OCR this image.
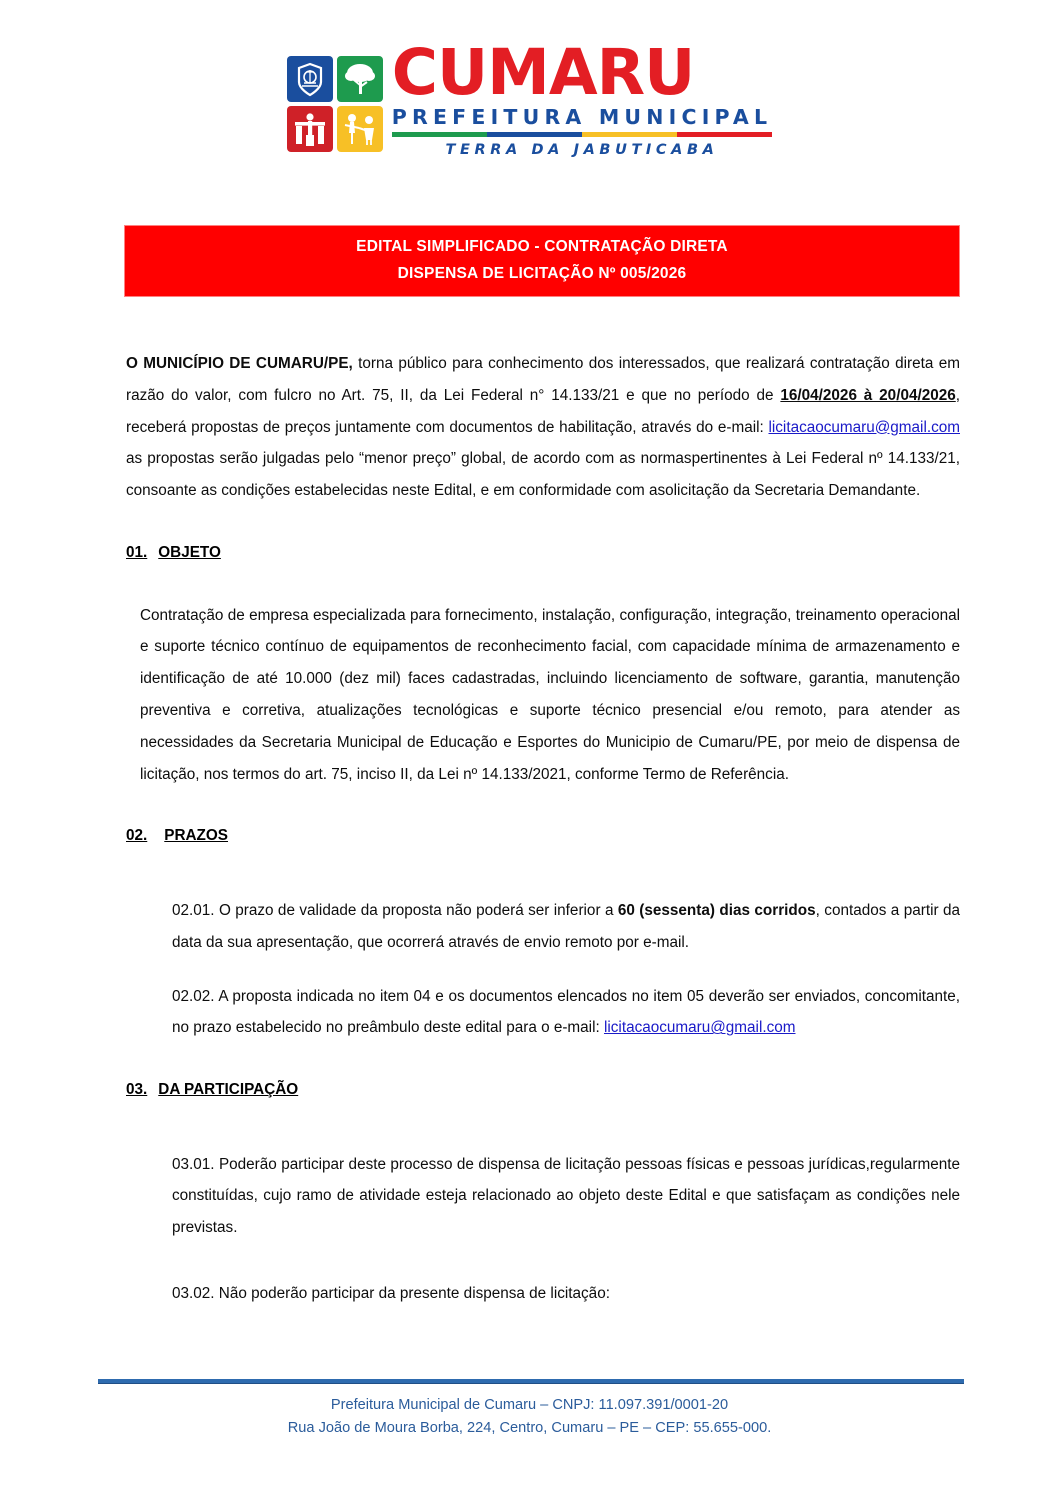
CUMARU
PREFEITURA MUNICIPAL
TERRA DA JABUTICABA
EDITAL SIMPLIFICADO - CONTRATAÇÃO DIRETA
DISPENSA DE LICITAÇÃO Nº 005/2026

O MUNICÍPIO DE CUMARU/PE, torna público para conhecimento dos interessados, que realizará contratação direta em razão do valor, com fulcro no Art. 75, II, da Lei Federal n° 14.133/21 e que no período de 16/04/2026 à 20/04/2026, receberá propostas de preços juntamente com documentos de habilitação, através do e-mail: licitacaocumaru@gmail.com as propostas serão julgadas pelo “menor preço” global, de acordo com as normaspertinentes à Lei Federal nº 14.133/21, consoante as condições estabelecidas neste Edital, e em conformidade com asolicitação da Secretaria Demandante.

01. OBJETO

Contratação de empresa especializada para fornecimento, instalação, configuração, integração, treinamento operacional e suporte técnico contínuo de equipamentos de reconhecimento facial, com capacidade mínima de armazenamento e identificação de até 10.000 (dez mil) faces cadastradas, incluindo licenciamento de software, garantia, manutenção preventiva e corretiva, atualizações tecnológicas e suporte técnico presencial e/ou remoto, para atender as necessidades da Secretaria Municipal de Educação e Esportes do Municipio de Cumaru/PE, por meio de dispensa de licitação, nos termos do art. 75, inciso II, da Lei nº 14.133/2021, conforme Termo de Referência.

02. PRAZOS

02.01. O prazo de validade da proposta não poderá ser inferior a 60 (sessenta) dias corridos, contados a partir da data da sua apresentação, que ocorrerá através de envio remoto por e-mail.

02.02. A proposta indicada no item 04 e os documentos elencados no item 05 deverão ser enviados, concomitante, no prazo estabelecido no preâmbulo deste edital para o e-mail: licitacaocumaru@gmail.com

03. DA PARTICIPAÇÃO

03.01. Poderão participar deste processo de dispensa de licitação pessoas físicas e pessoas jurídicas,regularmente constituídas, cujo ramo de atividade esteja relacionado ao objeto deste Edital e que satisfaçam as condições nele previstas.

03.02. Não poderão participar da presente dispensa de licitação:

Prefeitura Municipal de Cumaru – CNPJ: 11.097.391/0001-20
Rua João de Moura Borba, 224, Centro, Cumaru – PE – CEP: 55.655-000.
